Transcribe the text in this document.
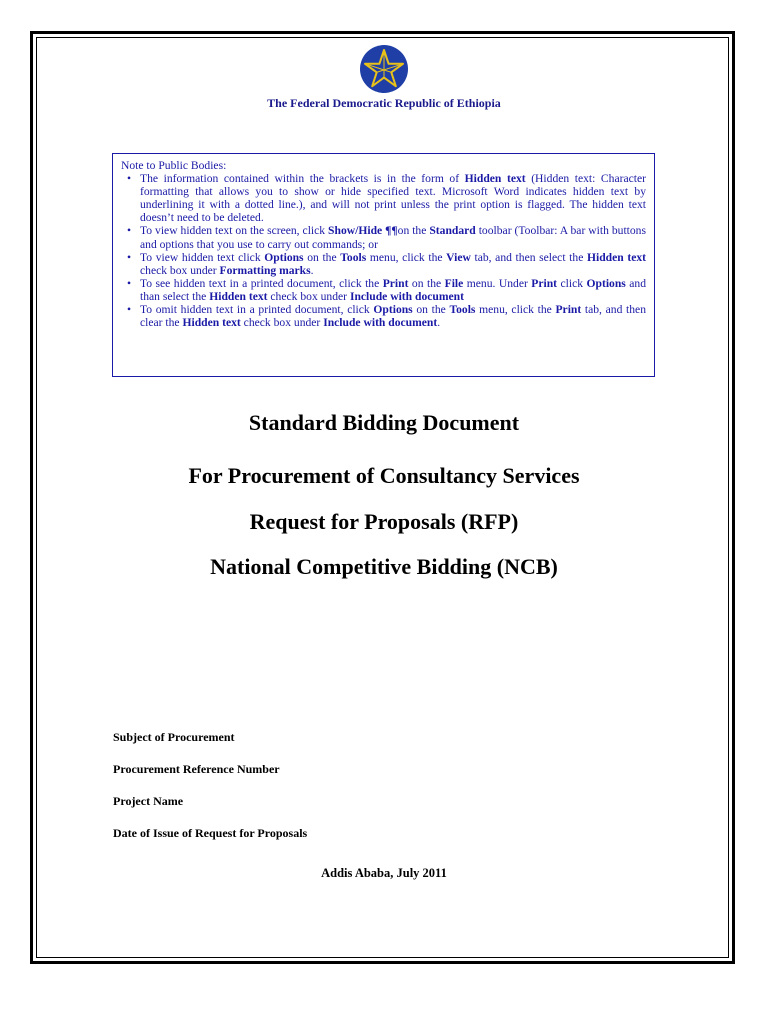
The Federal Democratic Republic of Ethiopia
Note to Public Bodies:
• The information contained within the brackets is in the form of Hidden text (Hidden text: Character formatting that allows you to show or hide specified text. Microsoft Word indicates hidden text by underlining it with a dotted line.), and will not print unless the print option is flagged. The hidden text doesn’t need to be deleted.
• To view hidden text on the screen, click Show/Hide ¶¶on the Standard toolbar (Toolbar: A bar with buttons and options that you use to carry out commands; or
• To view hidden text click Options on the Tools menu, click the View tab, and then select the Hidden text check box under Formatting marks.
• To see hidden text in a printed document, click the Print on the File menu. Under Print click Options and than select the Hidden text check box under Include with document
• To omit hidden text in a printed document, click Options on the Tools menu, click the Print tab, and then clear the Hidden text check box under Include with document.
Standard Bidding Document
For Procurement of Consultancy Services
Request for Proposals (RFP)
National Competitive Bidding (NCB)
Subject of Procurement
Procurement Reference Number
Project Name
Date of Issue of Request for Proposals
Addis Ababa, July 2011
